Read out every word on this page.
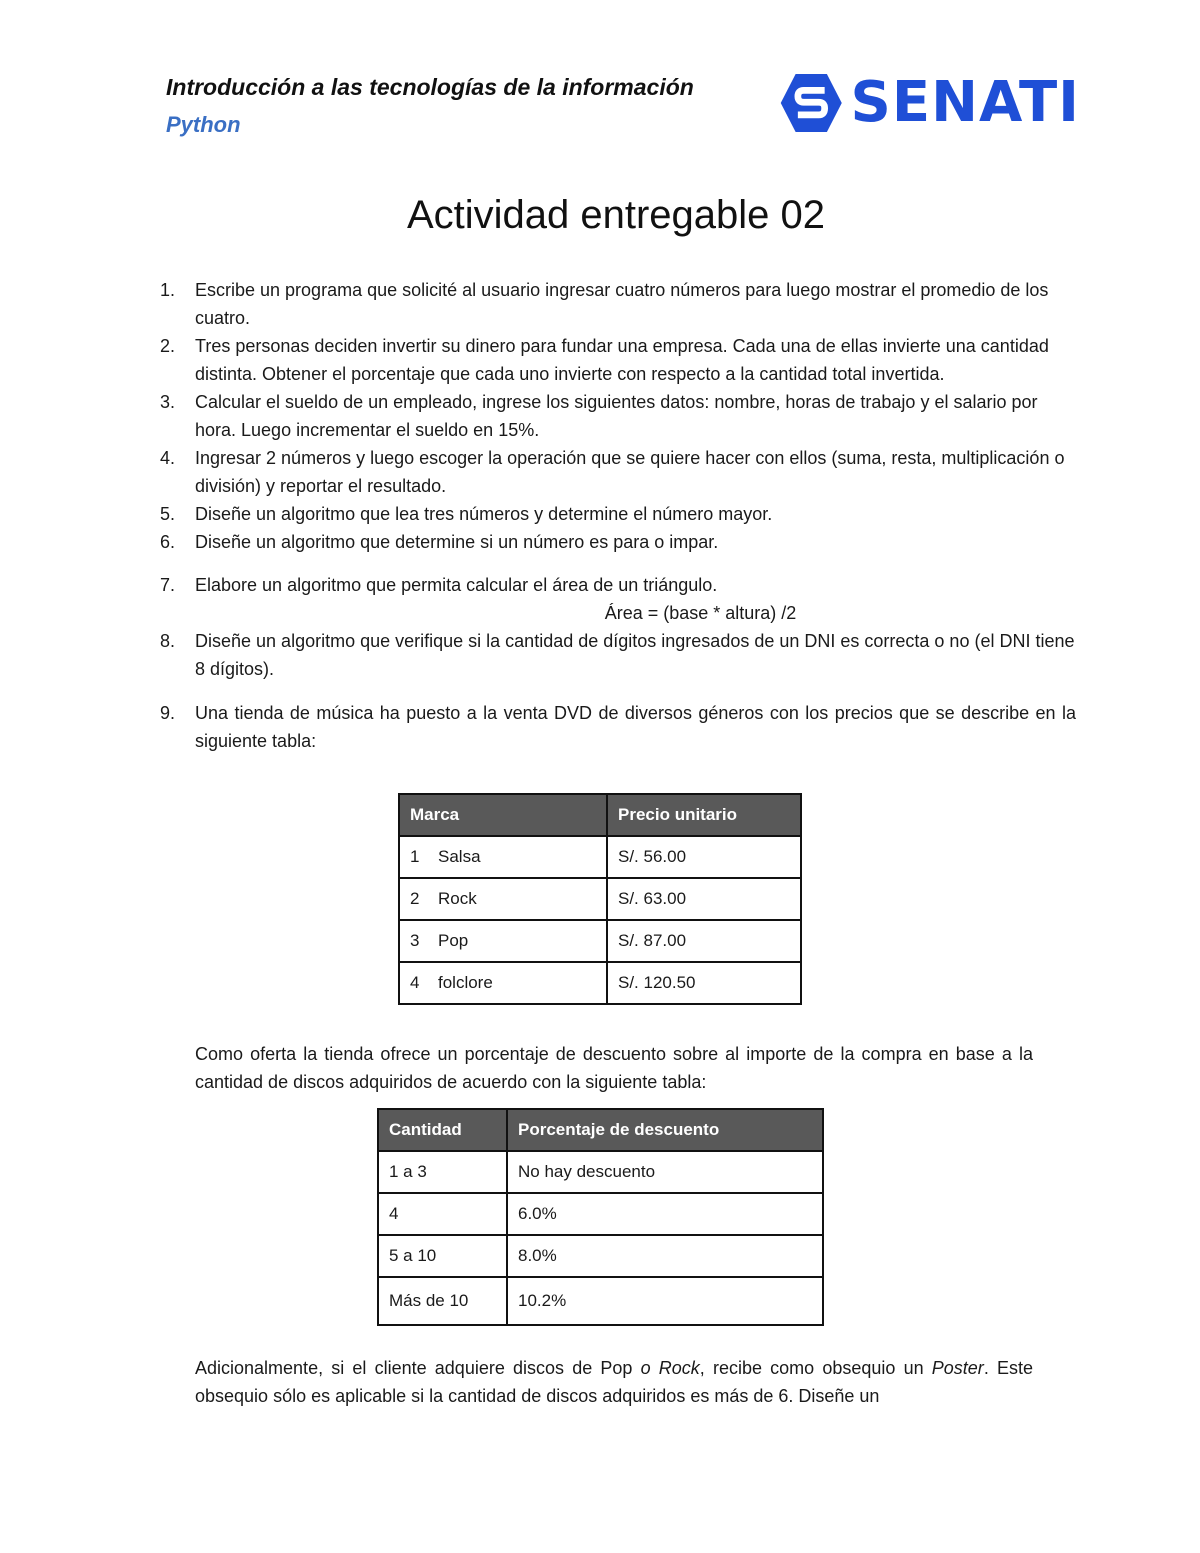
Introducción a las tecnologías de la información
Python	SENATI
Actividad entregable 02
1.	Escribe un programa que solicité al usuario ingresar cuatro números para luego mostrar el promedio de los cuatro.
2.	Tres personas deciden invertir su dinero para fundar una empresa. Cada una de ellas invierte una cantidad distinta. Obtener el porcentaje que cada uno invierte con respecto a la cantidad total invertida.
3.	Calcular el sueldo de un empleado, ingrese los siguientes datos: nombre, horas de trabajo y el salario por hora. Luego incrementar el sueldo en 15%.
4.	Ingresar 2 números y luego escoger la operación que se quiere hacer con ellos (suma, resta, multiplicación o división) y reportar el resultado.
5.	Diseñe un algoritmo que lea tres números y determine el número mayor.
6.	Diseñe un algoritmo que determine si un número es para o impar.
7.	Elabore un algoritmo que permita calcular el área de un triángulo.
Área = (base * altura) /2
8.	Diseñe un algoritmo que verifique si la cantidad de dígitos ingresados de un DNI es correcta o no (el DNI tiene 8 dígitos).
9.	Una tienda de música ha puesto a la venta DVD de diversos géneros con los precios que se describe en la siguiente tabla:
Marca	Precio unitario
1 Salsa	S/. 56.00
2 Rock	S/. 63.00
3 Pop	S/. 87.00
4 folclore	S/. 120.50
Como oferta la tienda ofrece un porcentaje de descuento sobre al importe de la compra en base a la cantidad de discos adquiridos de acuerdo con la siguiente tabla:
Cantidad	Porcentaje de descuento
1 a 3	No hay descuento
4	6.0%
5 a 10	8.0%
Más de 10	10.2%
Adicionalmente, si el cliente adquiere discos de Pop o Rock, recibe como obsequio un Poster. Este obsequio sólo es aplicable si la cantidad de discos adquiridos es más de 6. Diseñe un
